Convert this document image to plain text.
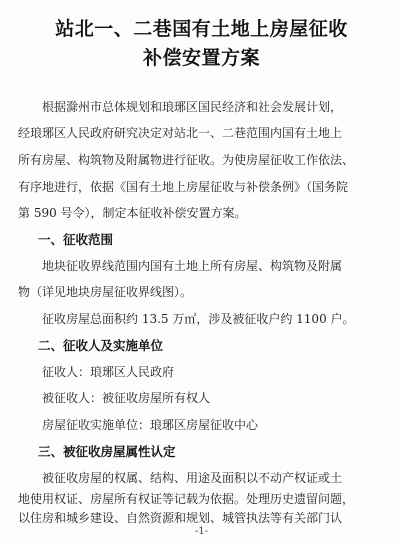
站北一、二巷国有土地上房屋征收
补偿安置方案
根据滁州市总体规划和琅琊区国民经济和社会发展计划，
经琅琊区人民政府研究决定对站北一、二巷范围内国有土地上
所有房屋、构筑物及附属物进行征收。为使房屋征收工作依法、
有序地进行，依据《国有土地上房屋征收与补偿条例》（国务院
第 590 号令），制定本征收补偿安置方案。
一、征收范围
地块征收界线范围内国有土地上所有房屋、构筑物及附属
物（详见地块房屋征收界线图）。
征收房屋总面积约 13.5 万㎡，涉及被征收户约 1100 户。
二、征收人及实施单位
征收人：琅琊区人民政府
被征收人：被征收房屋所有权人
房屋征收实施单位：琅琊区房屋征收中心
三、被征收房屋属性认定
被征收房屋的权属、结构、用途及面积以不动产权证或土
地使用权证、房屋所有权证等记载为依据。处理历史遗留问题，
以住房和城乡建设、自然资源和规划、城管执法等有关部门认
-1-
